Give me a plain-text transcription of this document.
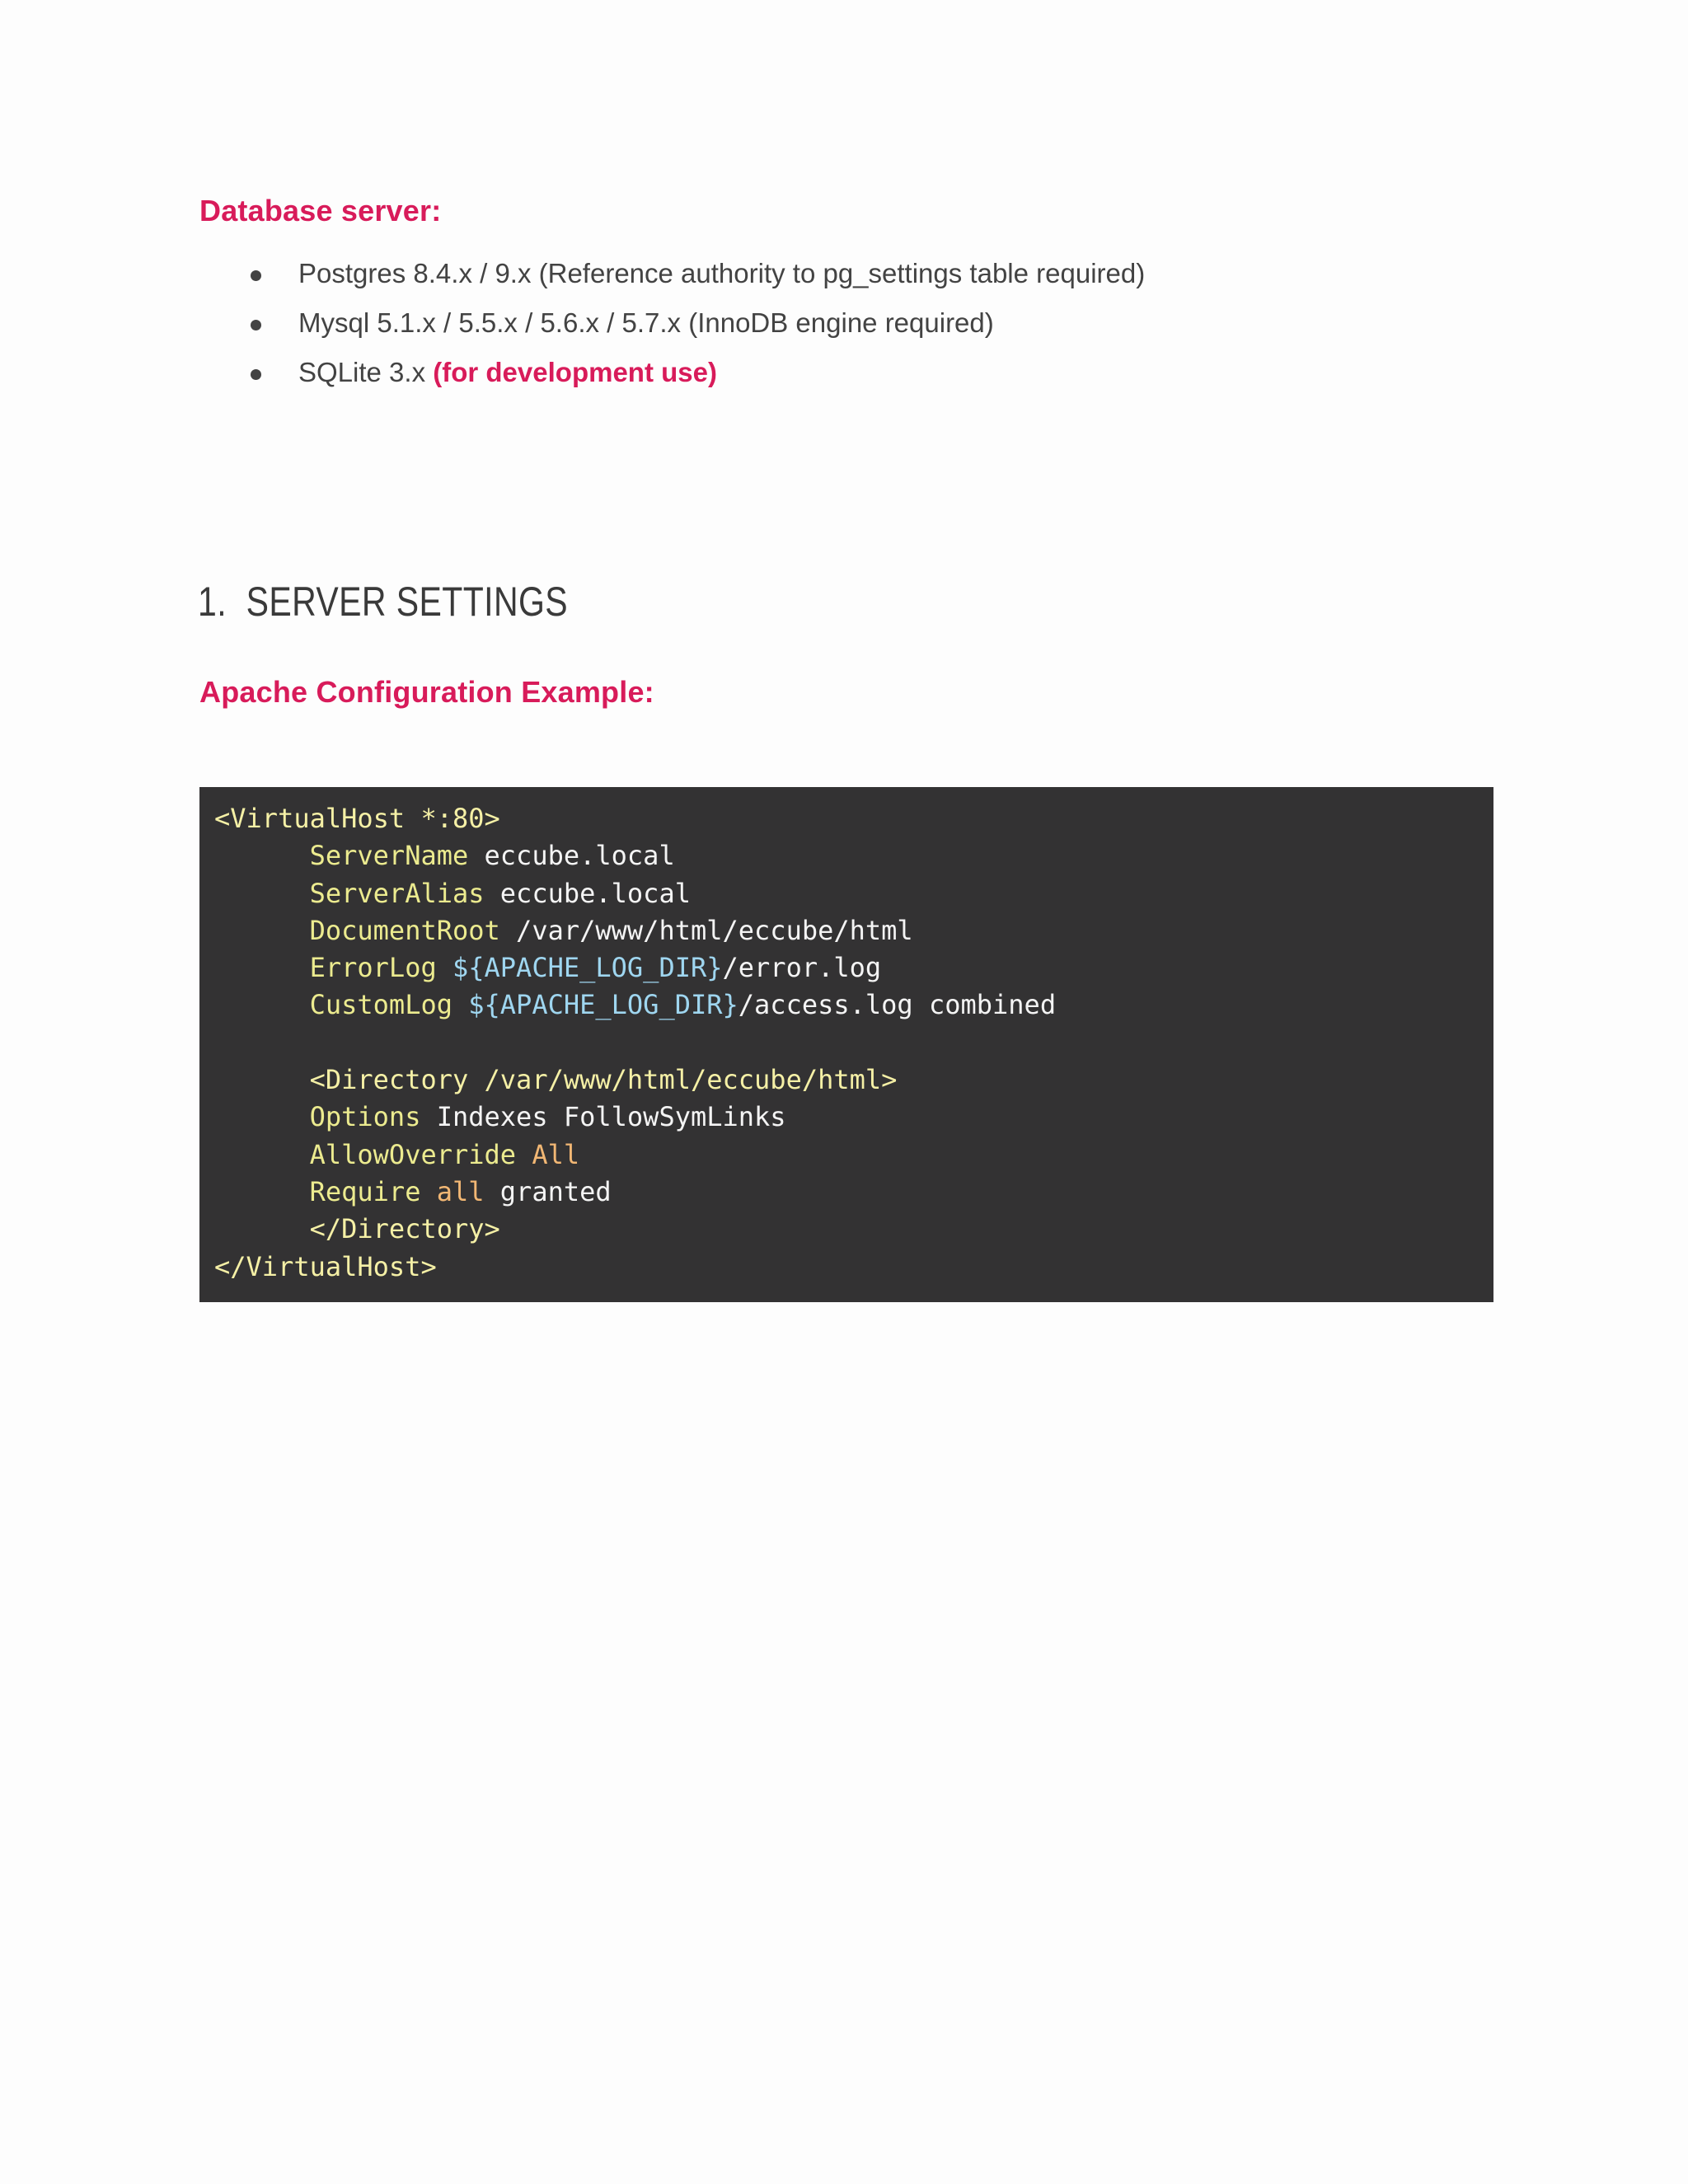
Database server:
Postgres 8.4.x / 9.x (Reference authority to pg_settings table required)
Mysql 5.1.x / 5.5.x / 5.6.x / 5.7.x (InnoDB engine required)
SQLite 3.x (for development use)
1. SERVER SETTINGS
Apache Configuration Example:
<VirtualHost *:80>
ServerName eccube.local
ServerAlias eccube.local
DocumentRoot /var/www/html/eccube/html
ErrorLog ${APACHE_LOG_DIR}/error.log
CustomLog ${APACHE_LOG_DIR}/access.log combined

<Directory /var/www/html/eccube/html>
Options Indexes FollowSymLinks
AllowOverride All
Require all granted
</Directory>
</VirtualHost>
